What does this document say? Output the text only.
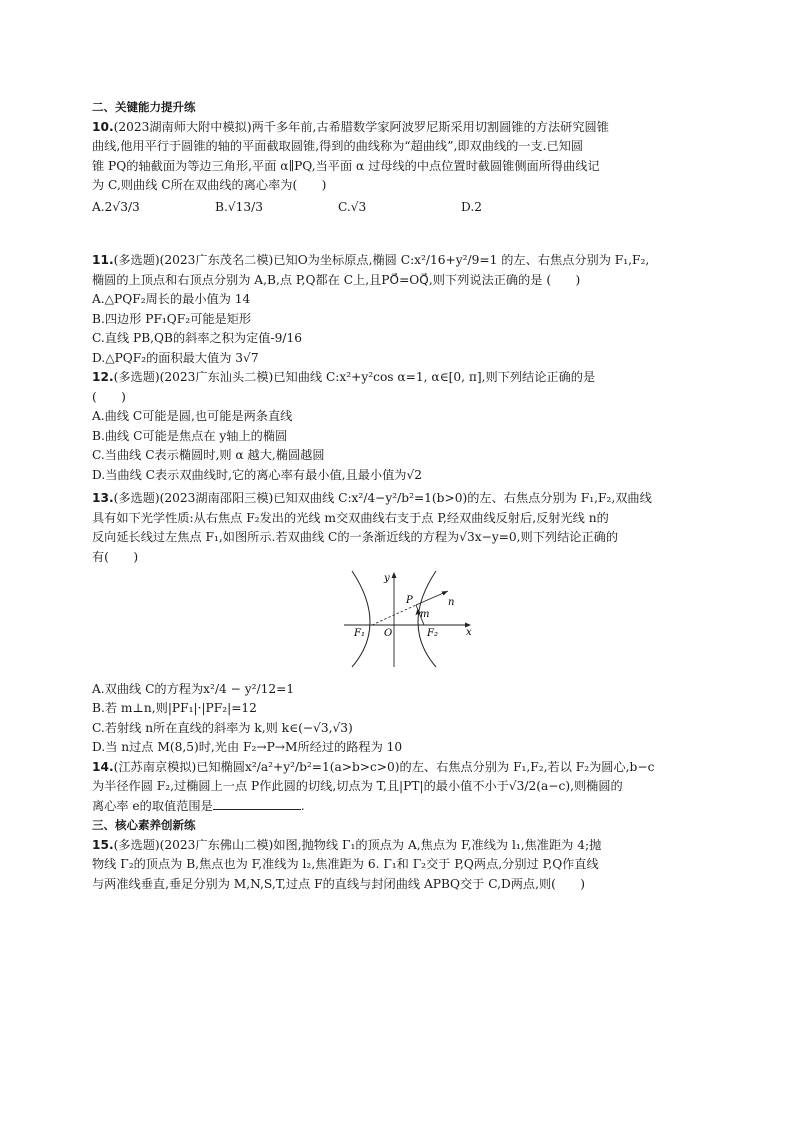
二、关键能力提升练

10.(2023湖南师大附中模拟)两千多年前,古希腊数学家阿波罗尼斯采用切割圆锥的方法研究圆锥

曲线,他用平行于圆锥的轴的平面截取圆锥,得到的曲线称为“超曲线”,即双曲线的一支.已知圆

锥 PQ的轴截面为等边三角形,平面 α∥PQ,当平面 α 过母线的中点位置时截圆锥侧面所得曲线记

为 C,则曲线 C所在双曲线的离心率为(　　)

A.2√3/3	B.√13/3	C.√3	D.2

11.(多选题)(2023广东茂名二模)已知O为坐标原点,椭圆 C:x²/16+y²/9=1 的左、右焦点分别为 F₁,F₂,

椭圆的上顶点和右顶点分别为 A,B,点 P,Q都在 C上,且PO⃗=OQ⃗,则下列说法正确的是 (　　)

A.△PQF₂周长的最小值为 14

B.四边形 PF₁QF₂可能是矩形

C.直线 PB,QB的斜率之积为定值-9/16

D.△PQF₂的面积最大值为 3√7

12.(多选题)(2023广东汕头二模)已知曲线 C:x²+y²cos α=1, α∈[0, π],则下列结论正确的是

(　　)

A.曲线 C可能是圆,也可能是两条直线

B.曲线 C可能是焦点在 y轴上的椭圆

C.当曲线 C表示椭圆时,则 α 越大,椭圆越圆

D.当曲线 C表示双曲线时,它的离心率有最小值,且最小值为√2

13.(多选题)(2023湖南邵阳三模)已知双曲线 C:x²/4−y²/b²=1(b>0)的左、右焦点分别为 F₁,F₂,双曲线

具有如下光学性质:从右焦点 F₂发出的光线 m交双曲线右支于点 P,经双曲线反射后,反射光线 n的

反向延长线过左焦点 F₁,如图所示.若双曲线 C的一条渐近线的方程为√3x−y=0,则下列结论正确的

有(　　)

y
x
O
F₁	F₂
P
m
n

A.双曲线 C的方程为x²/4 − y²/12=1

B.若 m⊥n,则|PF₁|·|PF₂|=12

C.若射线 n所在直线的斜率为 k,则 k∈(−√3,√3)

D.当 n过点 M(8,5)时,光由 F₂→P→M所经过的路程为 10

14.(江苏南京模拟)已知椭圆x²/a²+y²/b²=1(a>b>c>0)的左、右焦点分别为 F₁,F₂,若以 F₂为圆心,b−c

为半径作圆 F₂,过椭圆上一点 P作此圆的切线,切点为 T,且|PT|的最小值不小于√3/2(a−c),则椭圆的

离心率 e的取值范围是	.

三、核心素养创新练

15.(多选题)(2023广东佛山二模)如图,抛物线 Γ₁的顶点为 A,焦点为 F,准线为 l₁,焦准距为 4;抛

物线 Γ₂的顶点为 B,焦点也为 F,准线为 l₂,焦准距为 6. Γ₁和 Γ₂交于 P,Q两点,分别过 P,Q作直线

与两准线垂直,垂足分别为 M,N,S,T,过点 F的直线与封闭曲线 APBQ交于 C,D两点,则(　　)
